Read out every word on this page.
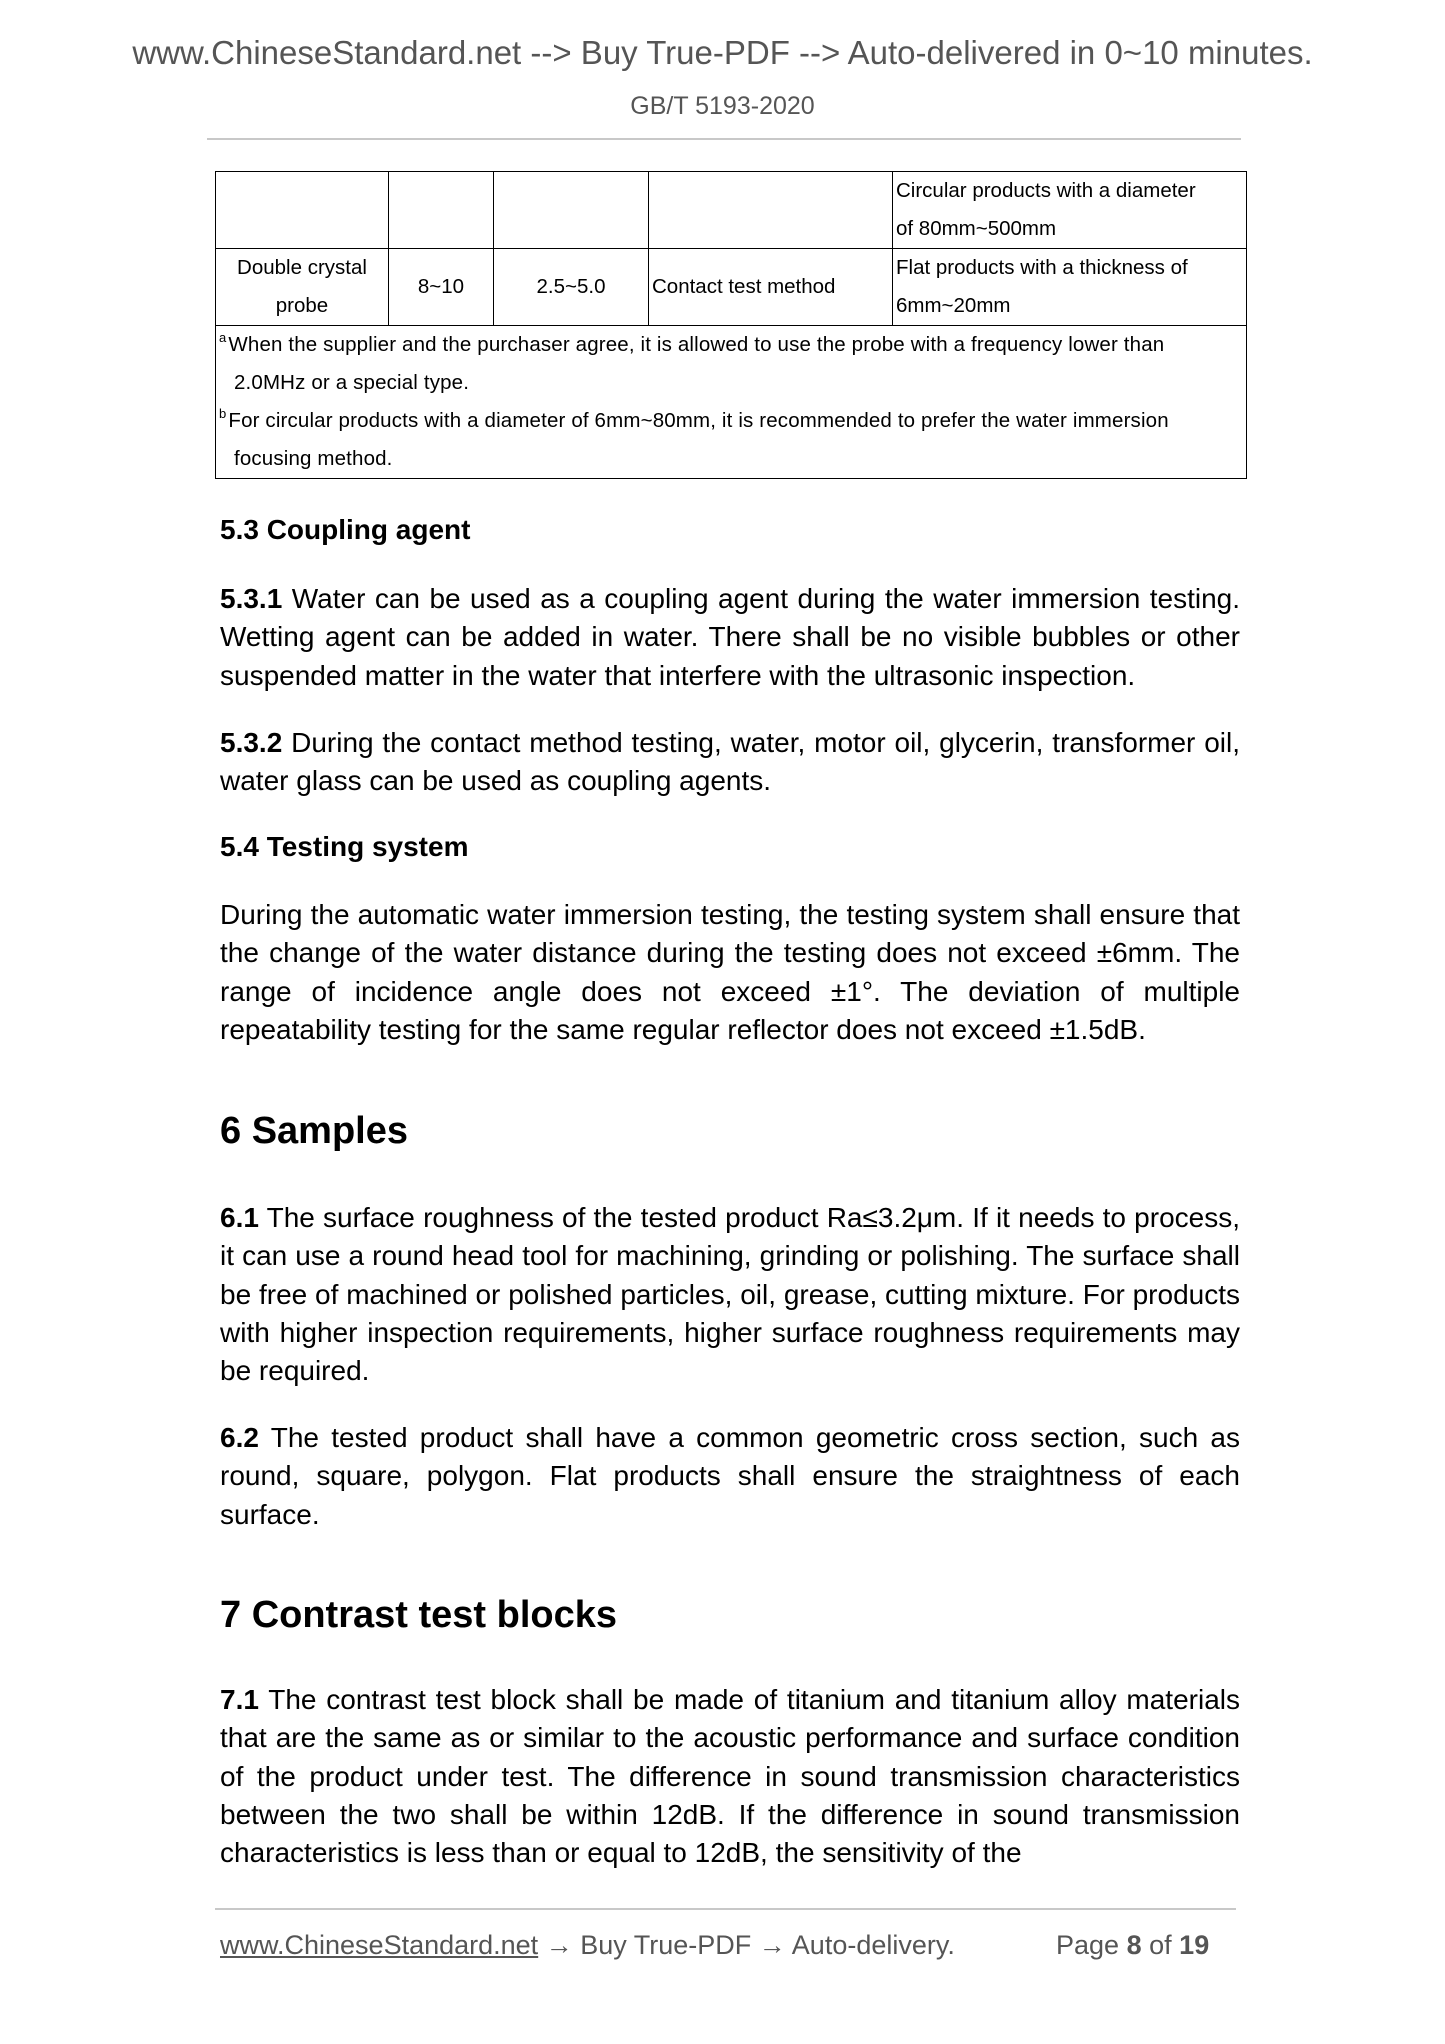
www.ChineseStandard.net --> Buy True-PDF --> Auto-delivered in 0~10 minutes.
GB/T 5193-2020
				Circular products with a diameter
of 80mm~500mm
Double crystal
probe	8~10	2.5~5.0	Contact test method	Flat products with a thickness of
6mm~20mm

$^a$When the supplier and the purchaser agree, it is allowed to use the probe with a frequency lower than
2.0MHz or a special type.
$^b$For circular products with a diameter of 6mm~80mm, it is recommended to prefer the water immersion
focusing method.				
5.3 Coupling agent
5.3.1 Water can be used as a coupling agent during the water immersion testing. Wetting agent can be added in water. There shall be no visible bubbles or other suspended matter in the water that interfere with the ultrasonic inspection.
5.3.2 During the contact method testing, water, motor oil, glycerin, transformer oil, water glass can be used as coupling agents.
5.4 Testing system
During the automatic water immersion testing, the testing system shall ensure that the change of the water distance during the testing does not exceed ±6mm. The range of incidence angle does not exceed ±1°. The deviation of multiple repeatability testing for the same regular reflector does not exceed ±1.5dB.
6 Samples
6.1 The surface roughness of the tested product Ra≤3.2μm. If it needs to process, it can use a round head tool for machining, grinding or polishing. The surface shall be free of machined or polished particles, oil, grease, cutting mixture. For products with higher inspection requirements, higher surface roughness requirements may be required.
6.2 The tested product shall have a common geometric cross section, such as round, square, polygon. Flat products shall ensure the straightness of each surface.
7 Contrast test blocks
7.1 The contrast test block shall be made of titanium and titanium alloy materials that are the same as or similar to the acoustic performance and surface condition of the product under test. The difference in sound transmission characteristics between the two shall be within 12dB. If the difference in sound transmission characteristics is less than or equal to 12dB, the sensitivity of the
www.ChineseStandard.net → Buy True-PDF → Auto-delivery.	Page 8 of 19
